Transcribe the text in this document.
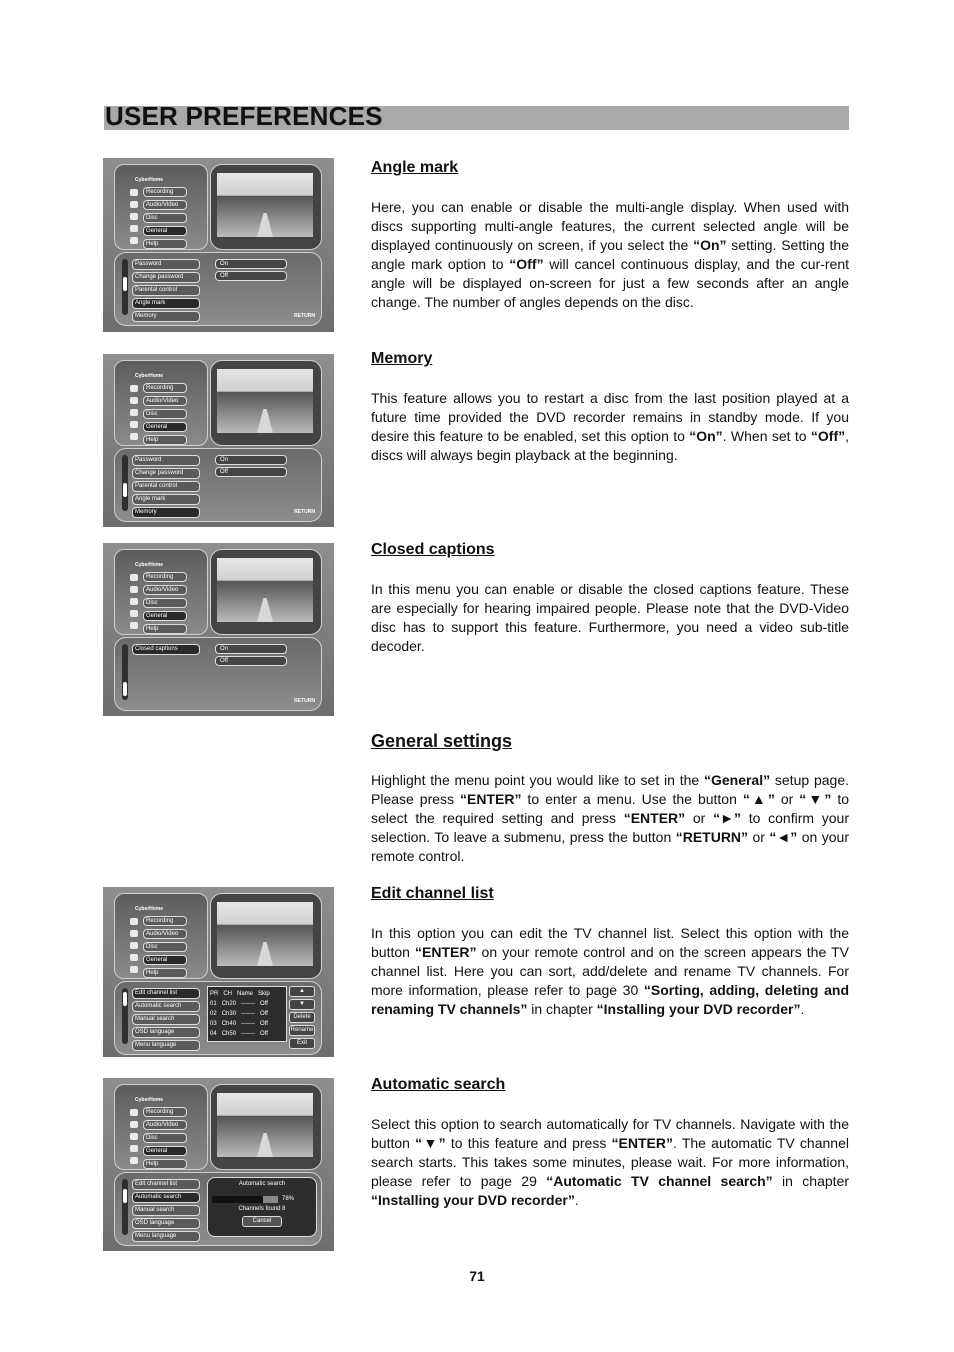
USER PREFERENCES
CyberHome
Recording
Audio/Video
Disc
General
Help
Password
Change password
Parental control
Angle mark
Memory
On
Off
RETURN
Angle mark

Here, you can enable or disable the multi-angle display. When used with discs supporting multi-angle features, the current selected angle will be displayed continuously on screen, if you select the “On” setting. Setting the angle mark option to “Off” will cancel continuous display, and the cur-rent angle will be displayed on-screen for just a few seconds after an angle change. The number of angles depends on the disc.

CyberHome
Recording
Audio/Video
Disc
General
Help
Password
Change password
Parental control
Angle mark
Memory
On
Off
RETURN
Memory

This feature allows you to restart a disc from the last position played at a future time provided the DVD recorder remains in standby mode. If you desire this feature to be enabled, set this option to “On”. When set to “Off”, discs will always begin playback at the beginning.

CyberHome
Recording
Audio/Video
Disc
General
Help
Closed captions	On
Off
RETURN
Closed captions

In this menu you can enable or disable the closed captions feature. These are especially for hearing impaired people. Please note that the DVD-Video disc has to support this feature. Furthermore, you need a video sub-title decoder.

General settings

Highlight the menu point you would like to set in the “General” setup page. Please press “ENTER” to enter a menu. Use the button “▲” or “▼” to select the required setting and press “ENTER” or “►” to confirm your selection. To leave a submenu, press the button “RETURN” or “◄” on your remote control.

CyberHome
Recording
Audio/Video
Disc
General
Help
Edit channel list
Automatic search
Manual search
OSD language
Menu language
PR CH Name Skip
01 Ch20 ------- Off
02 Ch30 ------- Off
03 Ch40 ------- Off
04 Ch50 ------- Off
▲
▼
Delete
Rename
Exit
Edit channel list

In this option you can edit the TV channel list. Select this option with the button “ENTER” on your remote control and on the screen appears the TV channel list. Here you can sort, add/delete and rename TV channels. For more information, please refer to page 30 “Sorting, adding, deleting and renaming TV channels” in chapter “Installing your DVD recorder”.

CyberHome
Recording
Audio/Video
Disc
General
Help
Edit channel list
Automatic search
Manual search
OSD language
Menu language
Automatic search
78%
Channels found 8
Cancel
Automatic search

Select this option to search automatically for TV channels. Navigate with the button “▼” to this feature and press “ENTER”. The automatic TV channel search starts. This takes some minutes, please wait. For more information, please refer to page 29 “Automatic TV channel search” in chapter “Installing your DVD recorder”.

71
